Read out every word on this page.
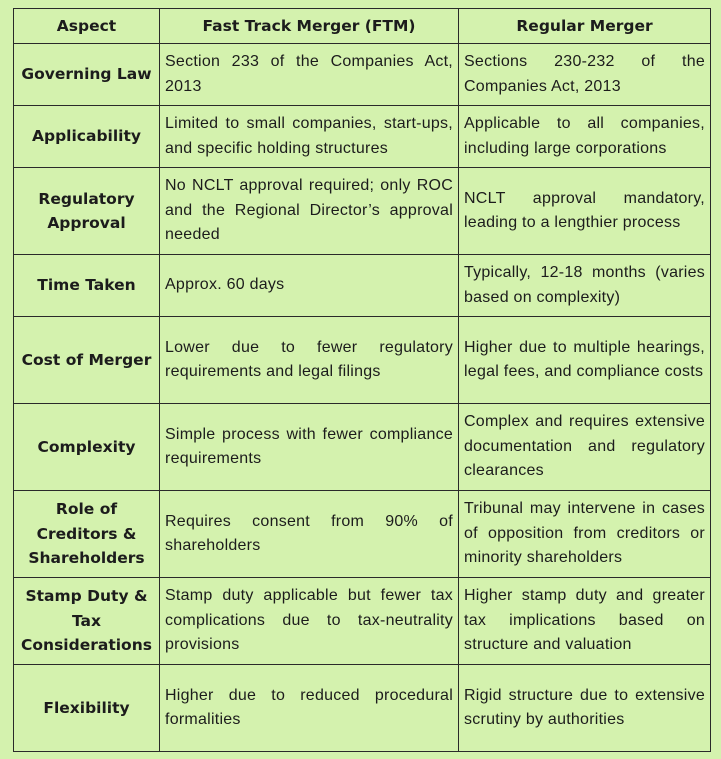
Aspect	Fast Track Merger (FTM)	Regular Merger
Governing Law	Section 233 of the Companies Act, 2013	Sections 230-232 of the Companies Act, 2013
Applicability	Limited to small companies, start-ups, and specific holding structures	Applicable to all companies, including large corporations
Regulatory Approval	No NCLT approval required; only ROC and the Regional Director’s approval needed	NCLT approval mandatory, leading to a lengthier process
Time Taken	Approx. 60 days	Typically, 12-18 months (varies based on complexity)
Cost of Merger	Lower due to fewer regulatory requirements and legal filings	Higher due to multiple hearings, legal fees, and compliance costs
Complexity	Simple process with fewer compliance requirements	Complex and requires extensive documentation and regulatory clearances
Role of Creditors & Shareholders	Requires consent from 90% of shareholders	Tribunal may intervene in cases of opposition from creditors or minority shareholders
Stamp Duty & Tax Considerations	Stamp duty applicable but fewer tax complications due to tax-neutrality provisions	Higher stamp duty and greater tax implications based on structure and valuation
Flexibility	Higher due to reduced procedural formalities	Rigid structure due to extensive scrutiny by authorities
